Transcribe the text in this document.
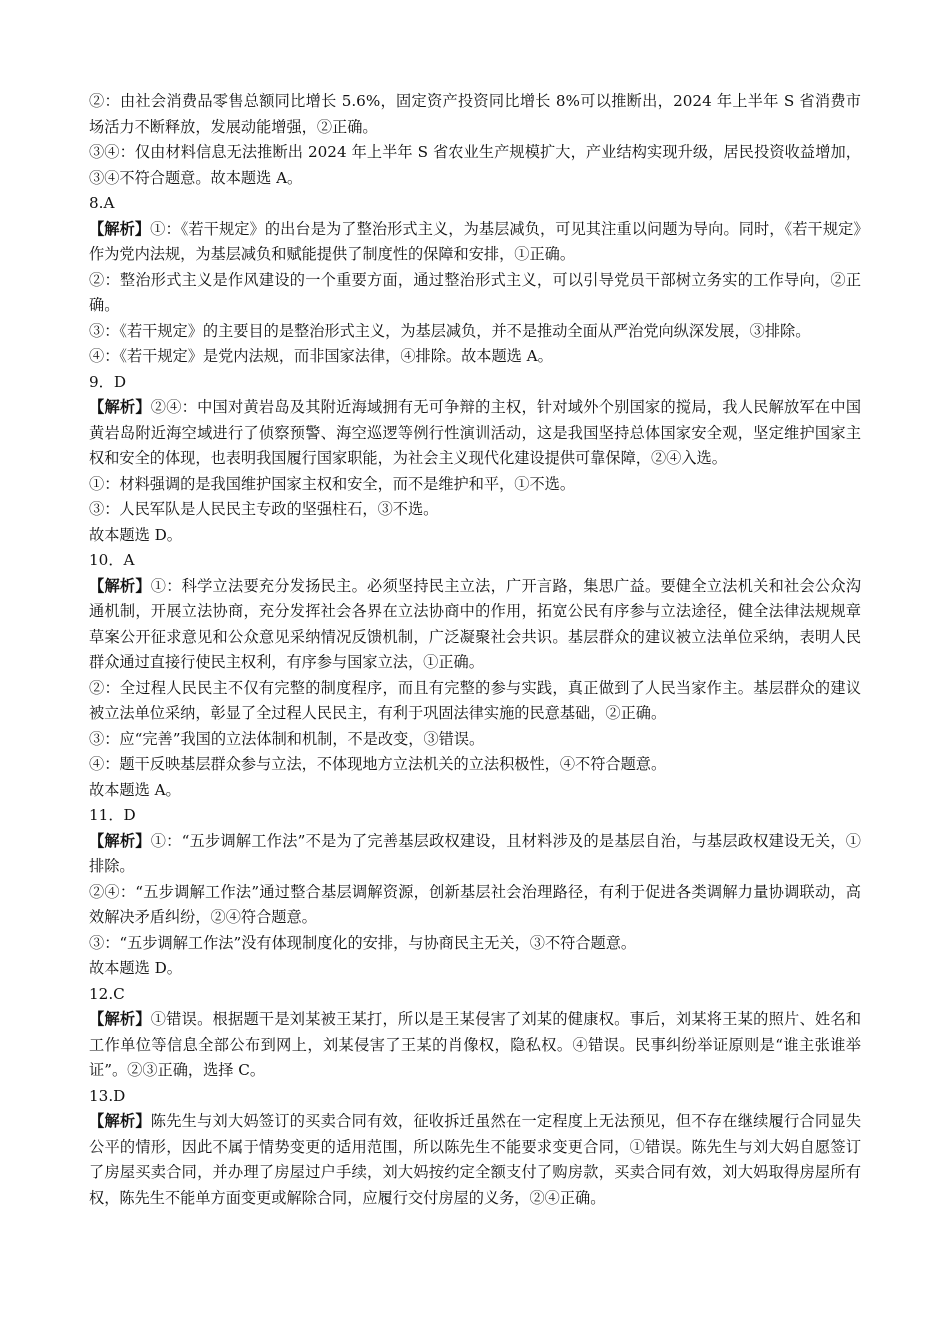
②：由社会消费品零售总额同比增长 5.6%，固定资产投资同比增长 8%可以推断出，2024 年上半年 S 省消费市场活力不断释放，发展动能增强，②正确。

③④：仅由材料信息无法推断出 2024 年上半年 S 省农业生产规模扩大，产业结构实现升级，居民投资收益增加，③④不符合题意。故本题选 A。

8.A

【解析】①：《若干规定》的出台是为了整治形式主义，为基层减负，可见其注重以问题为导向。同时，《若干规定》作为党内法规，为基层减负和赋能提供了制度性的保障和安排，①正确。

②：整治形式主义是作风建设的一个重要方面，通过整治形式主义，可以引导党员干部树立务实的工作导向，②正确。

③：《若干规定》的主要目的是整治形式主义，为基层减负，并不是推动全面从严治党向纵深发展，③排除。

④：《若干规定》是党内法规，而非国家法律，④排除。故本题选 A。

9．D

【解析】②④：中国对黄岩岛及其附近海域拥有无可争辩的主权，针对域外个别国家的搅局，我人民解放军在中国黄岩岛附近海空域进行了侦察预警、海空巡逻等例行性演训活动，这是我国坚持总体国家安全观，坚定维护国家主权和安全的体现，也表明我国履行国家职能，为社会主义现代化建设提供可靠保障，②④入选。

①：材料强调的是我国维护国家主权和安全，而不是维护和平，①不选。

③：人民军队是人民民主专政的坚强柱石，③不选。

故本题选 D。

10．A

【解析】①：科学立法要充分发扬民主。必须坚持民主立法，广开言路，集思广益。要健全立法机关和社会公众沟通机制，开展立法协商，充分发挥社会各界在立法协商中的作用，拓宽公民有序参与立法途径，健全法律法规规章草案公开征求意见和公众意见采纳情况反馈机制，广泛凝聚社会共识。基层群众的建议被立法单位采纳，表明人民群众通过直接行使民主权利，有序参与国家立法，①正确。

②：全过程人民民主不仅有完整的制度程序，而且有完整的参与实践，真正做到了人民当家作主。基层群众的建议被立法单位采纳，彰显了全过程人民民主，有利于巩固法律实施的民意基础，②正确。

③：应“完善”我国的立法体制和机制，不是改变，③错误。

④：题干反映基层群众参与立法，不体现地方立法机关的立法积极性，④不符合题意。

故本题选 A。

11．D

【解析】①：“五步调解工作法”不是为了完善基层政权建设，且材料涉及的是基层自治，与基层政权建设无关，①排除。

②④：“五步调解工作法”通过整合基层调解资源，创新基层社会治理路径，有利于促进各类调解力量协调联动，高效解决矛盾纠纷，②④符合题意。

③：“五步调解工作法”没有体现制度化的安排，与协商民主无关，③不符合题意。

故本题选 D。

12.C

【解析】①错误。根据题干是刘某被王某打，所以是王某侵害了刘某的健康权。事后，刘某将王某的照片、姓名和工作单位等信息全部公布到网上，刘某侵害了王某的肖像权，隐私权。④错误。民事纠纷举证原则是“谁主张谁举证”。②③正确，选择 C。

13.D

【解析】陈先生与刘大妈签订的买卖合同有效，征收拆迁虽然在一定程度上无法预见，但不存在继续履行合同显失公平的情形，因此不属于情势变更的适用范围，所以陈先生不能要求变更合同，①错误。陈先生与刘大妈自愿签订了房屋买卖合同，并办理了房屋过户手续，刘大妈按约定全额支付了购房款，买卖合同有效，刘大妈取得房屋所有权，陈先生不能单方面变更或解除合同，应履行交付房屋的义务，②④正确。
